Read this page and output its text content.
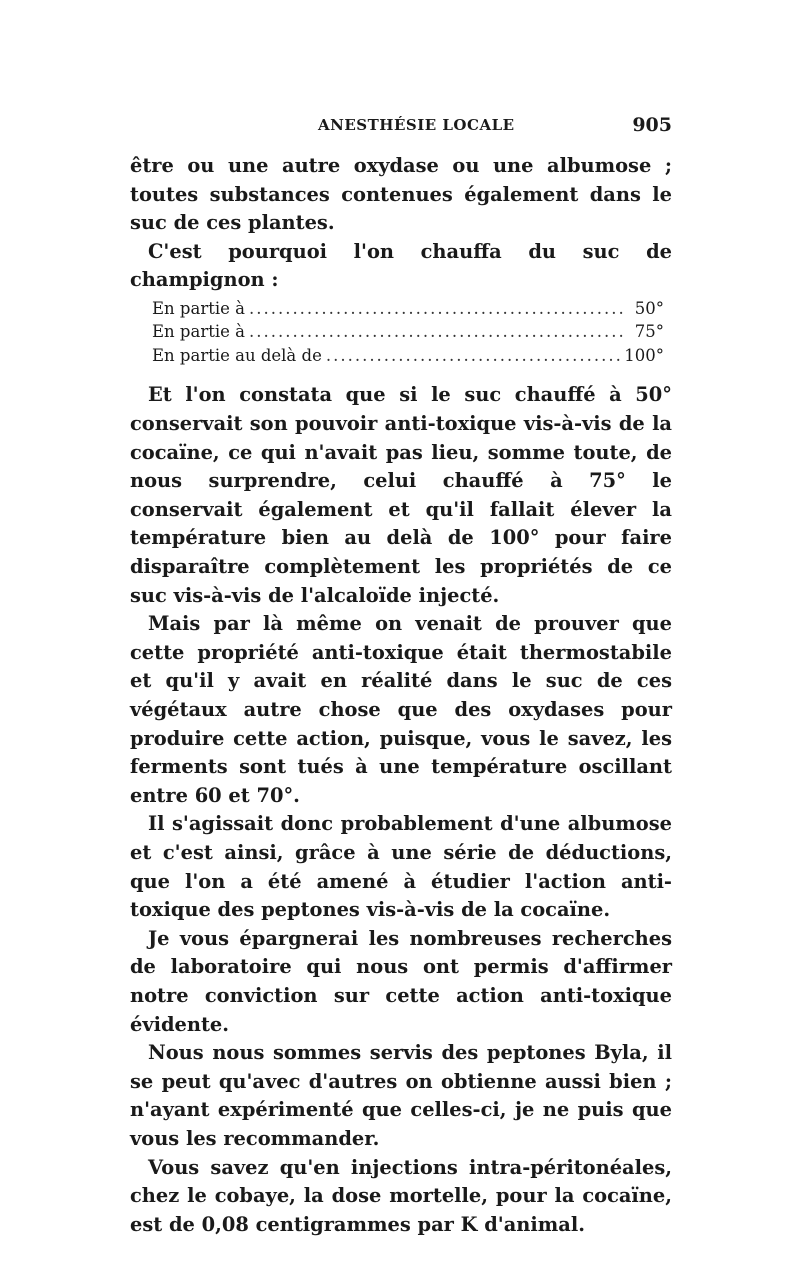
ANESTHÉSIE LOCALE	905

être ou une autre oxydase ou une albumose ; toutes substances contenues également dans le suc de ces plantes.

C'est pourquoi l'on chauffa du suc de champignon :

En partie à .....	50°
En partie à .....	75°
En partie au delà de .....	100°

Et l'on constata que si le suc chauffé à 50° conservait son pouvoir anti-toxique vis-à-vis de la cocaïne, ce qui n'avait pas lieu, somme toute, de nous surprendre, celui chauffé à 75° le conservait également et qu'il fallait élever la température bien au delà de 100° pour faire disparaître complètement les propriétés de ce suc vis-à-vis de l'alcaloïde injecté.

Mais par là même on venait de prouver que cette propriété anti-toxique était thermostabile et qu'il y avait en réalité dans le suc de ces végétaux autre chose que des oxydases pour produire cette action, puisque, vous le savez, les ferments sont tués à une température oscillant entre 60 et 70°.

Il s'agissait donc probablement d'une albumose et c'est ainsi, grâce à une série de déductions, que l'on a été amené à étudier l'action anti-toxique des peptones vis-à-vis de la cocaïne.

Je vous épargnerai les nombreuses recherches de laboratoire qui nous ont permis d'affirmer notre conviction sur cette action anti-toxique évidente.

Nous nous sommes servis des peptones Byla, il se peut qu'avec d'autres on obtienne aussi bien ; n'ayant expérimenté que celles-ci, je ne puis que vous les recommander.

Vous savez qu'en injections intra-péritonéales, chez le cobaye, la dose mortelle, pour la cocaïne, est de 0,08 centigrammes par K d'animal.
